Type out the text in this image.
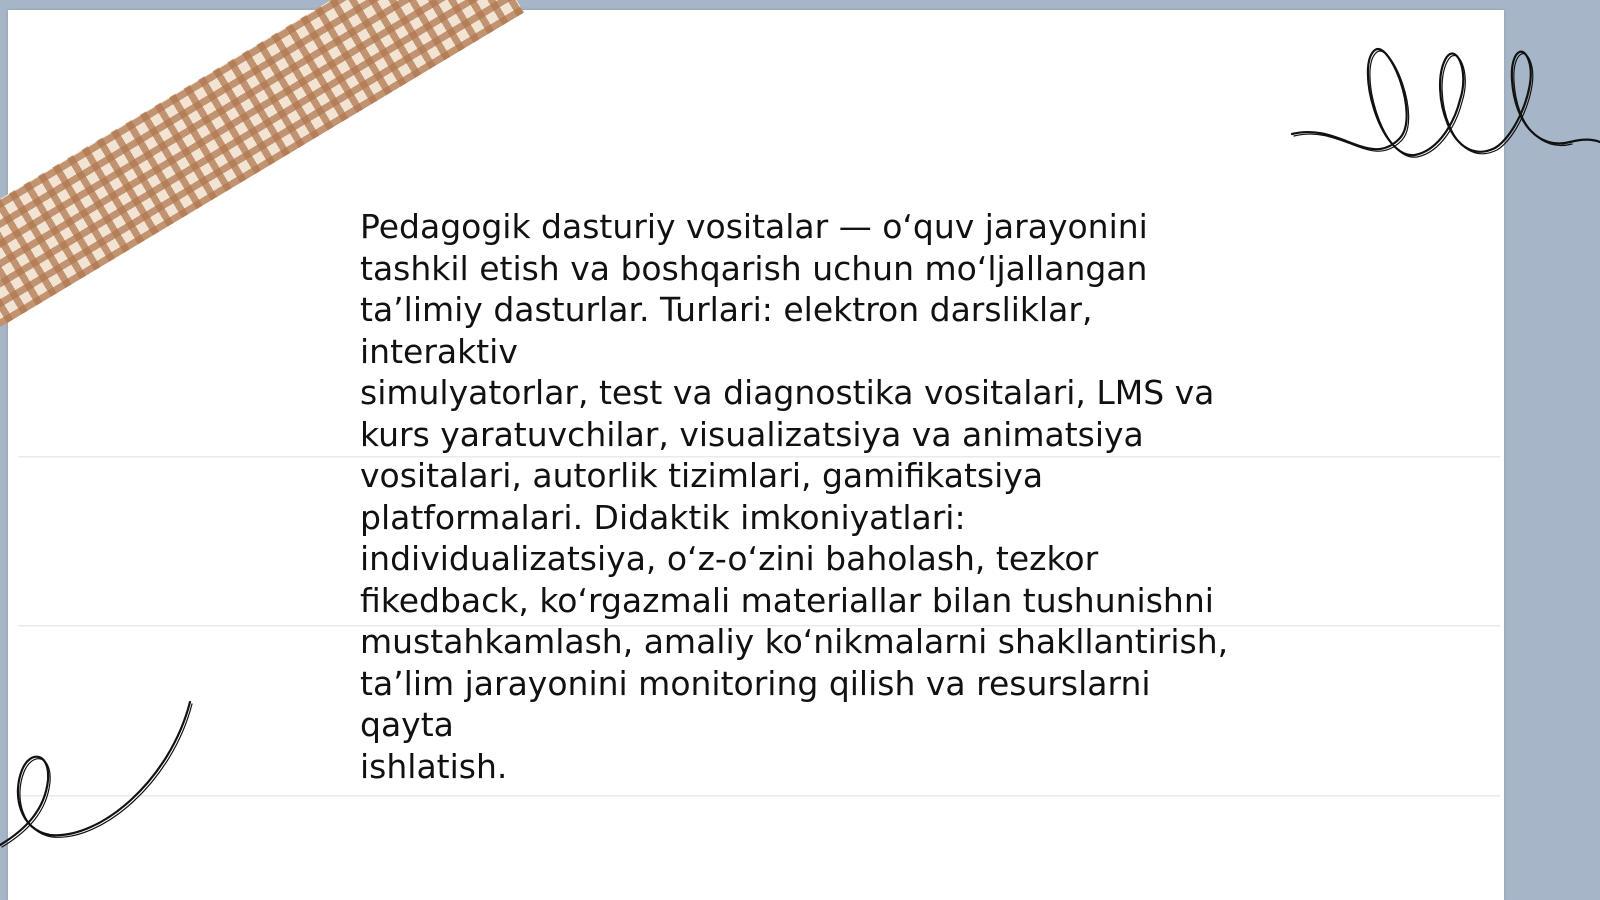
Pedagogik dasturiy vositalar — o‘quv jarayonini
tashkil etish va boshqarish uchun mo‘ljallangan
ta’limiy dasturlar. Turlari: elektron darsliklar, interaktiv
simulyatorlar, test va diagnostika vositalari, LMS va
kurs yaratuvchilar, visualizatsiya va animatsiya
vositalari, autorlik tizimlari, gamifikatsiya
platformalari. Didaktik imkoniyatlari:
individualizatsiya, o‘z-o‘zini baholash, tezkor
fikedback, ko‘rgazmali materiallar bilan tushunishni
mustahkamlash, amaliy ko‘nikmalarni shakllantirish,
ta’lim jarayonini monitoring qilish va resurslarni qayta
ishlatish.
